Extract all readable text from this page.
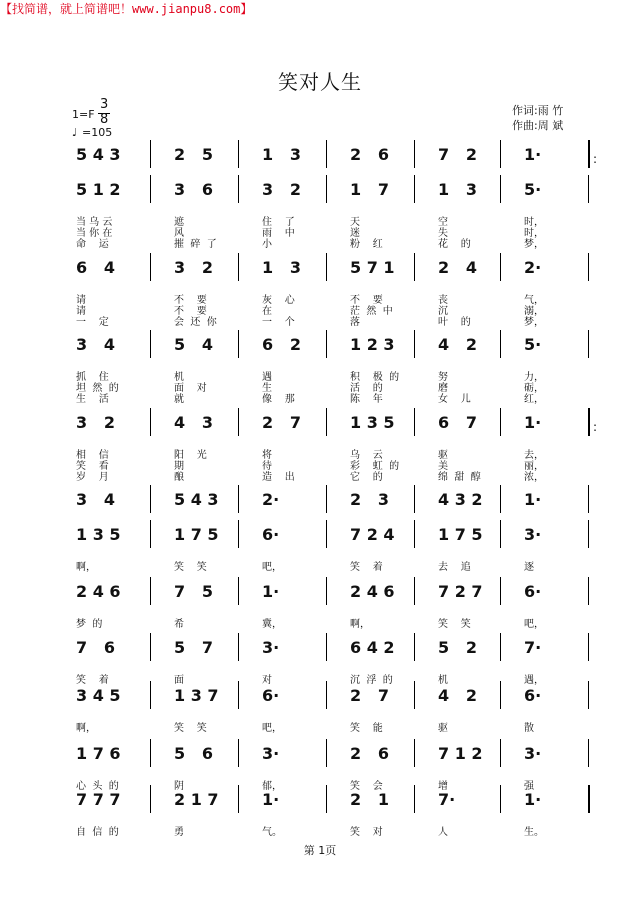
【找简谱，就上简谱吧！www.jianpu8.com】
笑对人生
1=F
3
8
♩ =105
作词:雨 竹
作曲:周 斌
5 4 3	2   5	1   3	2   6	7   2	1·
5 1 2	3   6	3   2	1   7	1   3	5·
当 乌 云	遮	住    了	天	空	时，
当 你 在	风	雨    中	迷	失	时，
命    运	摧  碎  了	小	粉    红	花    的	梦，
6   4	3   2	1   3	5 7 1	2   4	2·
请	不    要	灰    心	不    要	丧	气，
请	不    要	在	茫  然  中	沉	溺，
一    定	会  还  你	一    个	落	叶    的	梦，
3   4	5   4	6   2	1 2 3	4   2	5·
抓    住	机	遇	积    极  的	努	力，
坦  然  的	面    对	生	活    的	磨	砺，
生    活	就	像    那	陈    年	女    儿	红，
3   2	4   3	2   7	1 3 5	6   7	1·
相    信	阳    光	将	乌    云	驱	去，
笑    看	期	待	彩    虹  的	美	丽，
岁    月	酿	造    出	它    的	绵  甜  醇	浓，
3   4	5 4 3	2·	2   3	4 3 2	1·
1 3 5	1 7 5	6·	7 2 4	1 7 5	3·
啊，	笑    笑	吧，	笑    着	去    追	逐
2 4 6	7   5	1·	2 4 6	7 2 7	6·
梦  的	希	冀，	啊，	笑    笑	吧，
7   6	5   7	3·	6 4 2	5   2	7·
笑    着	面	对	沉  浮  的	机	遇，
3 4 5	1 3 7	6·	2   7	4   2	6·
啊，	笑    笑	吧，	笑    能	驱	散
1 7 6	5   6	3·	2   6	7 1 2	3·
心  头  的	阴	郁，	笑    会	增	强
7 7 7	2 1 7	1·	2   1	7·	1·
自  信  的	勇	气。	笑    对	人	生。
:
:
第 1页
